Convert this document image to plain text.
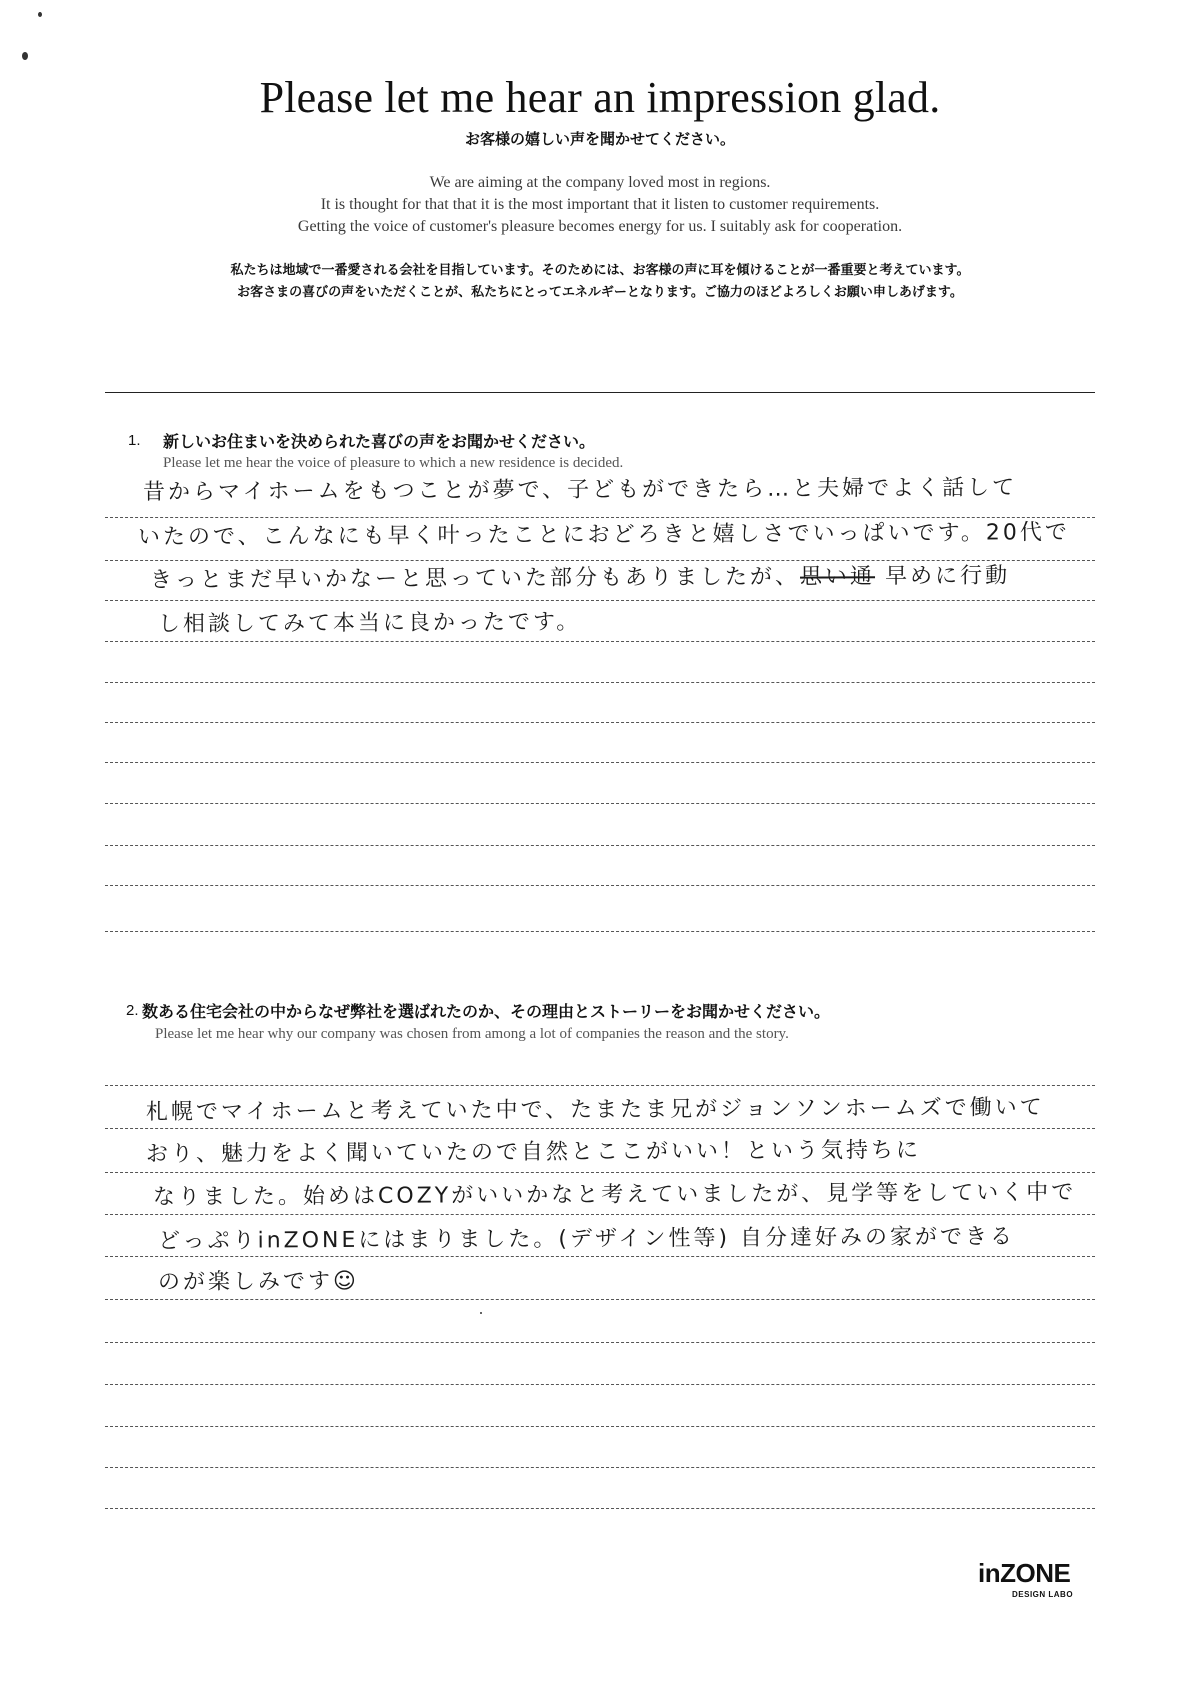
Please let me hear an impression glad.
お客様の嬉しい声を聞かせてください。
We are aiming at the company loved most in regions.
It is thought for that that it is the most important that it listen to customer requirements.
Getting the voice of customer's pleasure becomes energy for us. I suitably ask for cooperation.
私たちは地域で一番愛される会社を目指しています。そのためには、お客様の声に耳を傾けることが一番重要と考えています。
お客さまの喜びの声をいただくことが、私たちにとってエネルギーとなります。ご協力のほどよろしくお願い申しあげます。
1. 新しいお住まいを決められた喜びの声をお聞かせください。
Please let me hear the voice of pleasure to which a new residence is decided.
昔からマイホームをもつことが夢で、子どもができたら…と夫婦でよく話して
いたので、こんなにも早く叶ったことにおどろきと嬉しさでいっぱいです。20代で
きっとまだ早いかなーと思っていた部分もありましたが、思い通 早めに行動
し相談してみて本当に良かったです。
2. 数ある住宅会社の中からなぜ弊社を選ばれたのか、その理由とストーリーをお聞かせください。
Please let me hear why our company was chosen from among a lot of companies the reason and the story.
札幌でマイホームと考えていた中で、たまたま兄がジョンソンホームズで働いて
おり、魅力をよく聞いていたので自然とここがいい！という気持ちに
なりました。始めはCOZYがいいかなと考えていましたが、見学等をしていく中で
どっぷりinZONEにはまりました。(デザイン性等) 自分達好みの家ができる
のが楽しみです☺
inZONE
DESIGN LABO
